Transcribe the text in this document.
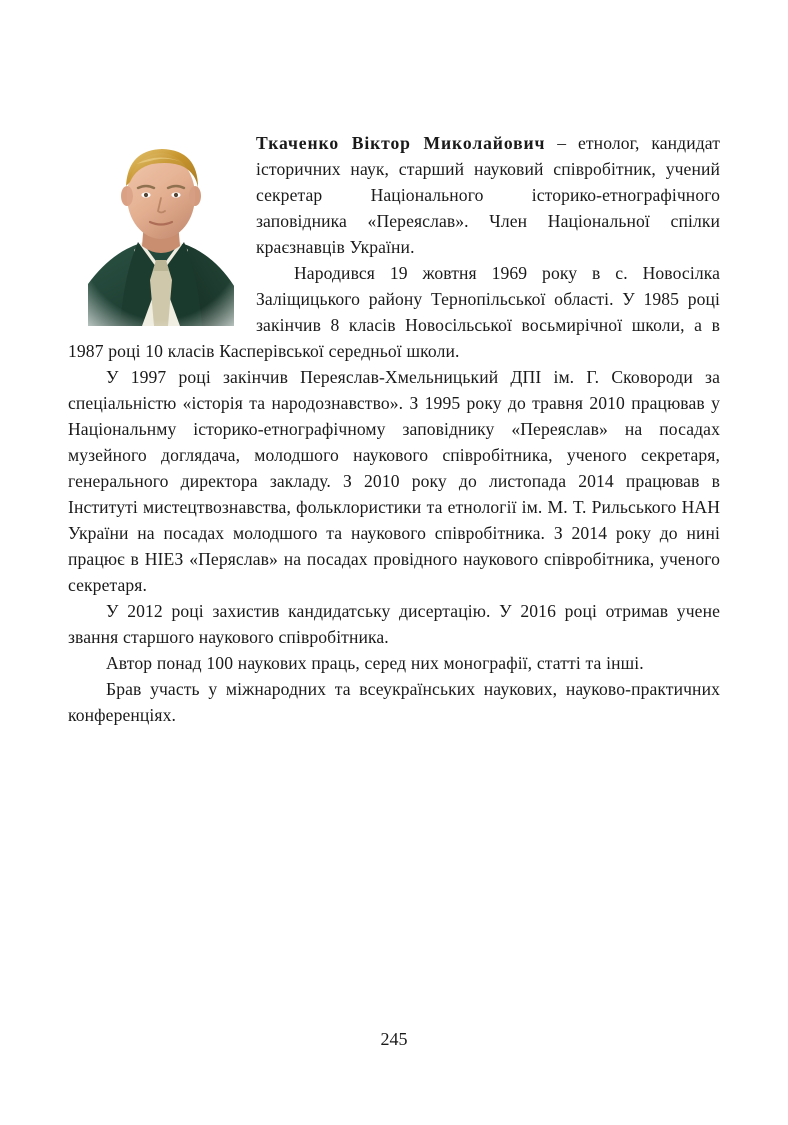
Ткаченко Віктор Миколайович – етнолог, кандидат історичних наук, старший науковий співробітник, учений секретар Національного історико-етнографічного заповідника «Переяслав». Член Національної спілки краєзнавців України.

Народився 19 жовтня 1969 року в с. Новосілка Заліщицького району Тернопільської області. У 1985 році закінчив 8 класів Новосільської восьмирічної школи, а в 1987 році 10 класів Касперівської середньої школи.

У 1997 році закінчив Переяслав-Хмельницький ДПІ ім. Г. Сковороди за спеціальністю «історія та народознавство». З 1995 року до травня 2010 працював у Національнму історико-етнографічному заповіднику «Переяслав» на посадах музейного доглядача, молодшого наукового співробітника, ученого секретаря, генерального директора закладу. З 2010 року до листопада 2014 працював в Інституті мистецтвознавства, фольклористики та етнології ім. М. Т. Рильського НАН України на посадах молодшого та наукового співробітника. З 2014 року до нині працює в НІЕЗ «Перяслав» на посадах провідного наукового співробітника, ученого секретаря.

У 2012 році захистив кандидатську дисертацію. У 2016 році отримав учене звання старшого наукового співробітника.

Автор понад 100 наукових праць, серед них монографії, статті та інші.

Брав участь у міжнародних та всеукраїнських наукових, науково-практичних конференціях.

245
